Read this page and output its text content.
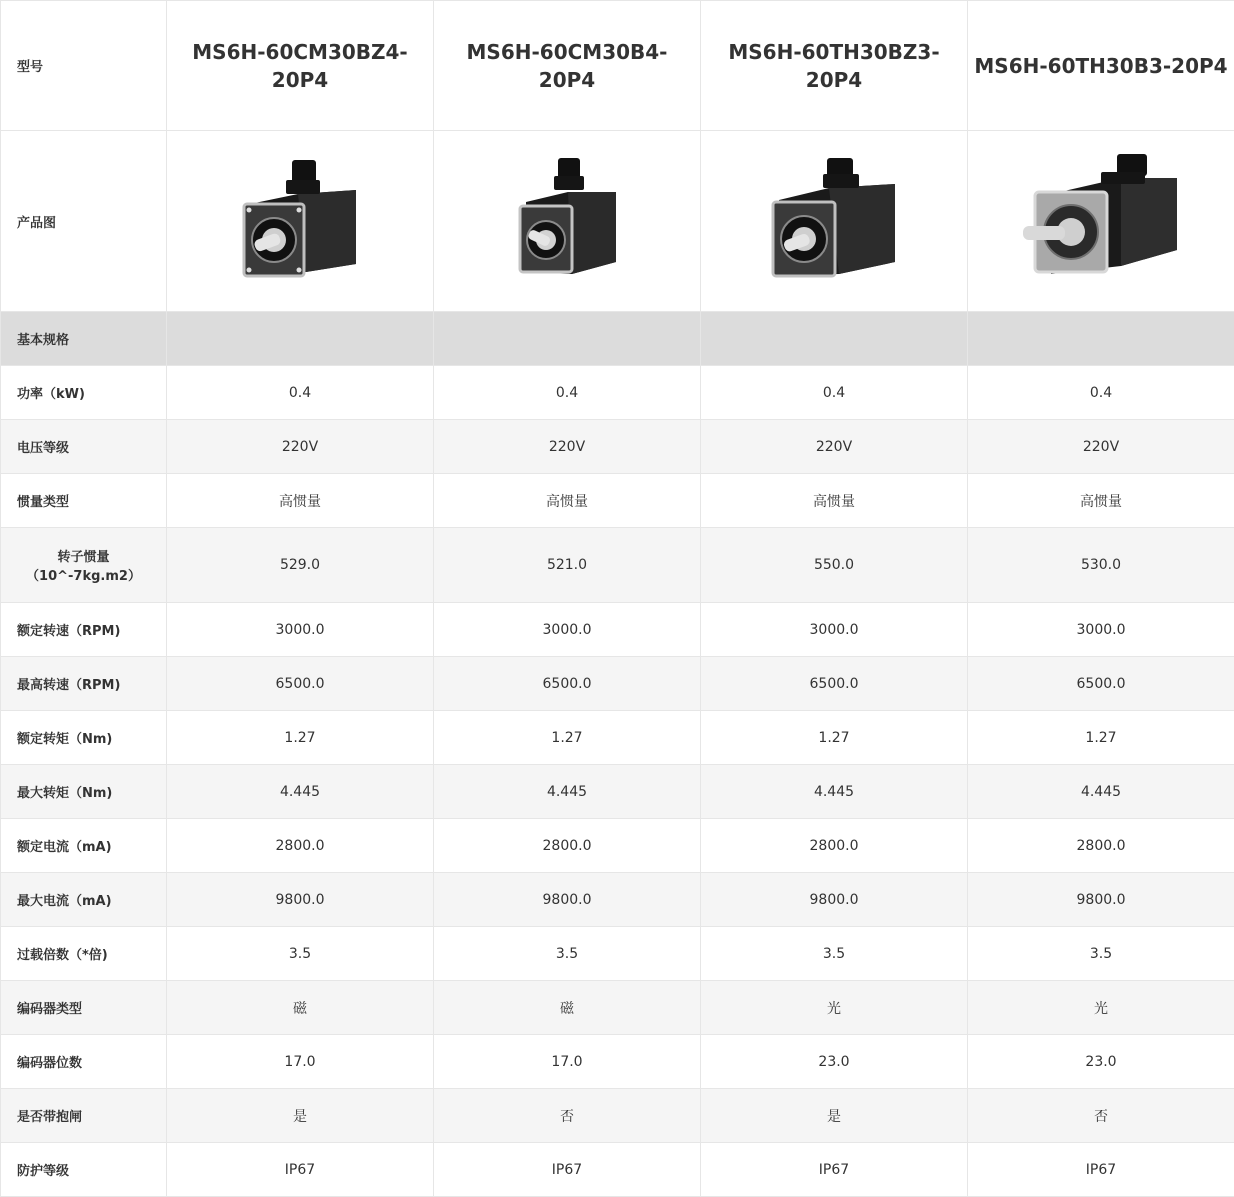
型号	MS6H-60CM30BZ4-20P4	MS6H-60CM30B4-20P4	MS6H-60TH30BZ3-20P4	MS6H-60TH30B3-20P4
产品图				
基本规格				
功率（kW)	0.4	0.4	0.4	0.4
电压等级	220V	220V	220V	220V
惯量类型	高惯量	高惯量	高惯量	高惯量
转子惯量（10^-7kg.m2）	529.0	521.0	550.0	530.0
额定转速（RPM)	3000.0	3000.0	3000.0	3000.0
最高转速（RPM)	6500.0	6500.0	6500.0	6500.0
额定转矩（Nm)	1.27	1.27	1.27	1.27
最大转矩（Nm)	4.445	4.445	4.445	4.445
额定电流（mA)	2800.0	2800.0	2800.0	2800.0
最大电流（mA)	9800.0	9800.0	9800.0	9800.0
过载倍数（*倍)	3.5	3.5	3.5	3.5
编码器类型	磁	磁	光	光
编码器位数	17.0	17.0	23.0	23.0
是否带抱闸	是	否	是	否
防护等级	IP67	IP67	IP67	IP67
